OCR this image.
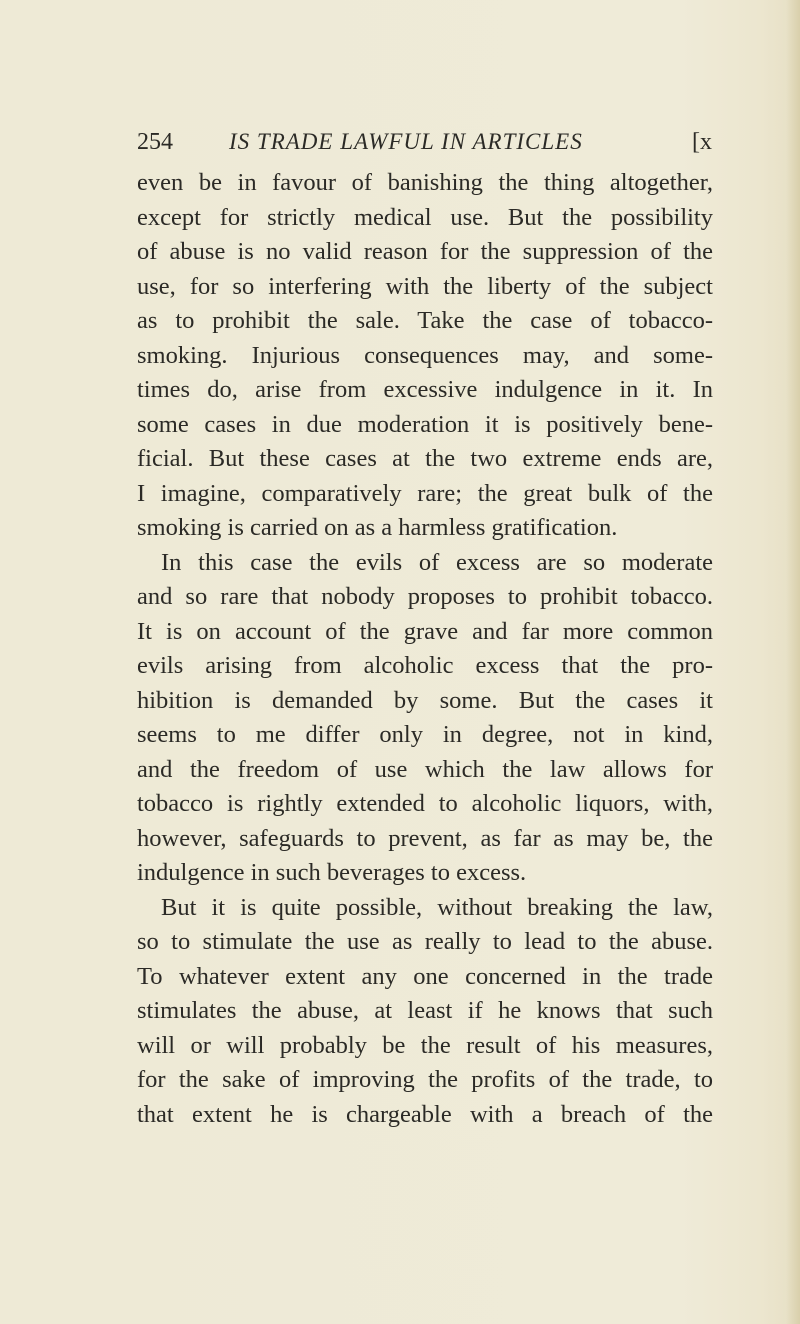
254 IS TRADE LAWFUL IN ARTICLES	[x
even be in favour of banishing the thing altogether,
except for strictly medical use. But the possibility
of abuse is no valid reason for the suppression of the
use, for so interfering with the liberty of the subject
as to prohibit the sale. Take the case of tobacco-
smoking. Injurious consequences may, and some-
times do, arise from excessive indulgence in it. In
some cases in due moderation it is positively bene-
ficial. But these cases at the two extreme ends are,
I imagine, comparatively rare; the great bulk of the
smoking is carried on as a harmless gratification.
In this case the evils of excess are so moderate
and so rare that nobody proposes to prohibit tobacco.
It is on account of the grave and far more common
evils arising from alcoholic excess that the pro-
hibition is demanded by some. But the cases it
seems to me differ only in degree, not in kind,
and the freedom of use which the law allows for
tobacco is rightly extended to alcoholic liquors, with,
however, safeguards to prevent, as far as may be, the
indulgence in such beverages to excess.
But it is quite possible, without breaking the law,
so to stimulate the use as really to lead to the abuse.
To whatever extent any one concerned in the trade
stimulates the abuse, at least if he knows that such
will or will probably be the result of his measures,
for the sake of improving the profits of the trade, to
that extent he is chargeable with a breach of the
